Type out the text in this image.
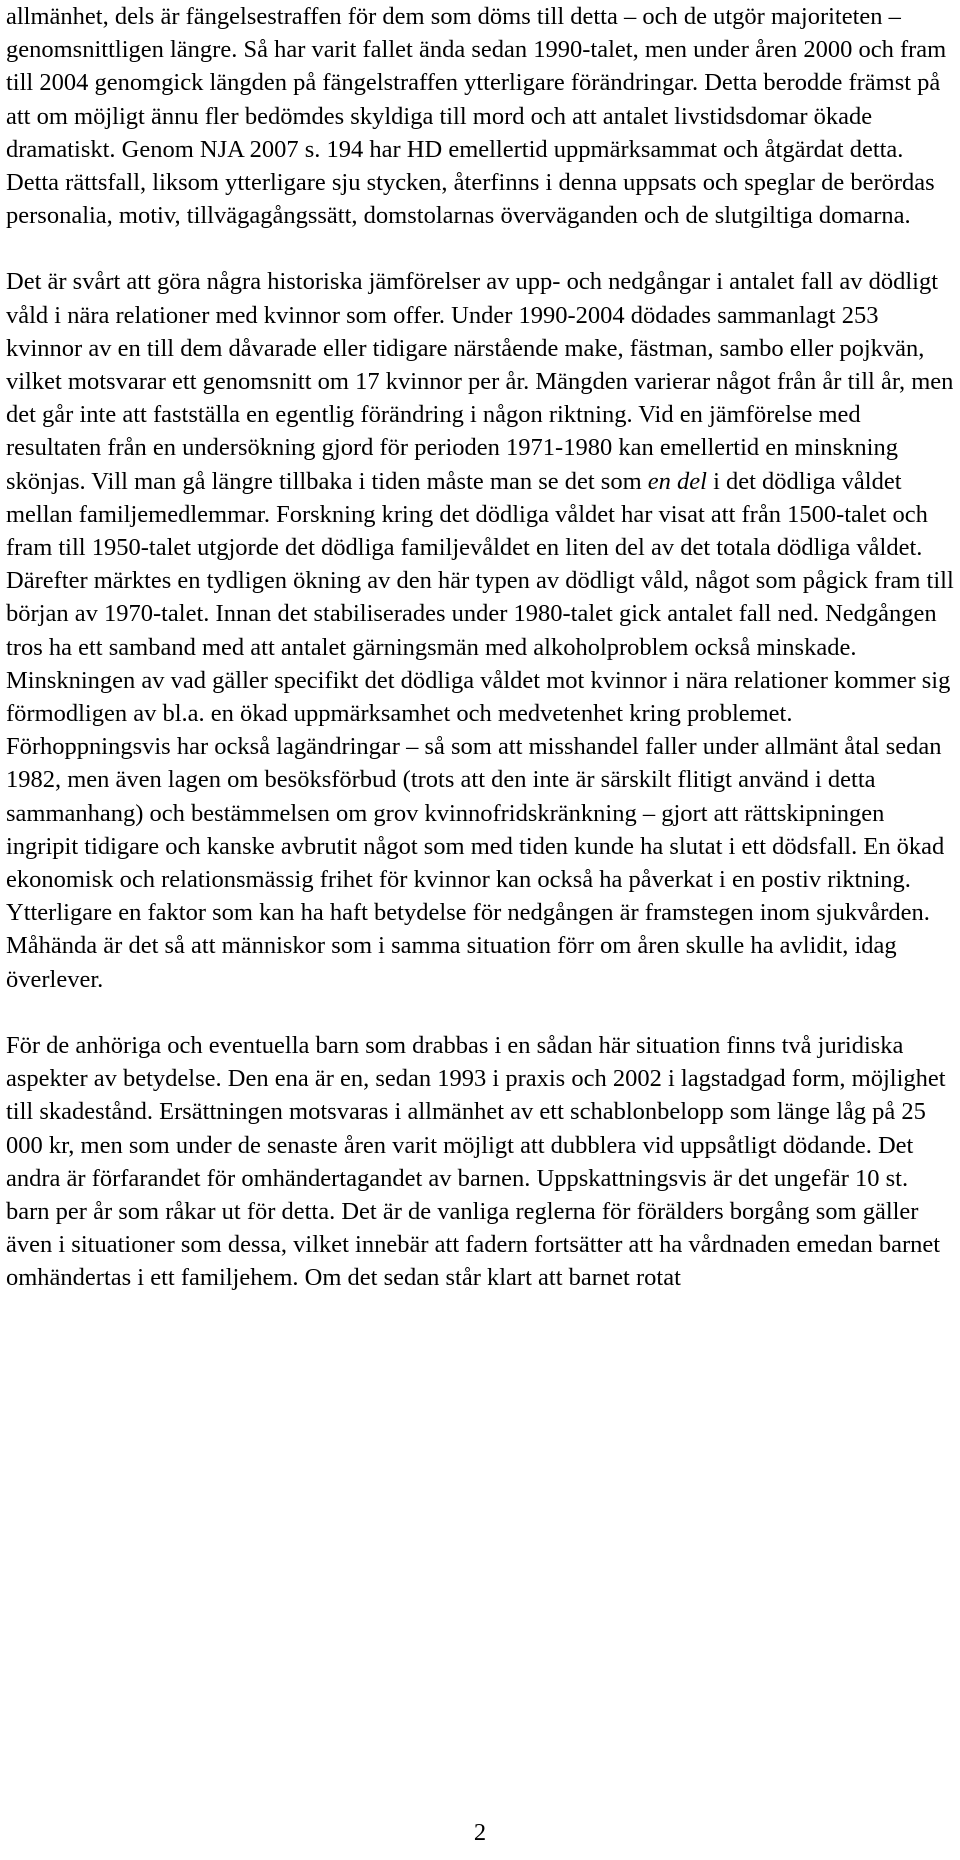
allmänhet, dels är fängelsestraffen för dem som döms till detta – och de utgör majoriteten – genomsnittligen längre. Så har varit fallet ända sedan 1990-talet, men under åren 2000 och fram till 2004 genomgick längden på fängelstraffen ytterligare förändringar. Detta berodde främst på att om möjligt ännu fler bedömdes skyldiga till mord och att antalet livstidsdomar ökade dramatiskt. Genom NJA 2007 s. 194 har HD emellertid uppmärksammat och åtgärdat detta. Detta rättsfall, liksom ytterligare sju stycken, återfinns i denna uppsats och speglar de berördas personalia, motiv, tillvägagångssätt, domstolarnas överväganden och de slutgiltiga domarna.

Det är svårt att göra några historiska jämförelser av upp- och nedgångar i antalet fall av dödligt våld i nära relationer med kvinnor som offer. Under 1990-2004 dödades sammanlagt 253 kvinnor av en till dem dåvarade eller tidigare närstående make, fästman, sambo eller pojkvän, vilket motsvarar ett genomsnitt om 17 kvinnor per år. Mängden varierar något från år till år, men det går inte att fastställa en egentlig förändring i någon riktning. Vid en jämförelse med resultaten från en undersökning gjord för perioden 1971-1980 kan emellertid en minskning skönjas. Vill man gå längre tillbaka i tiden måste man se det som en del i det dödliga våldet mellan familjemedlemmar. Forskning kring det dödliga våldet har visat att från 1500-talet och fram till 1950-talet utgjorde det dödliga familjevåldet en liten del av det totala dödliga våldet. Därefter märktes en tydligen ökning av den här typen av dödligt våld, något som pågick fram till början av 1970-talet. Innan det stabiliserades under 1980-talet gick antalet fall ned. Nedgången tros ha ett samband med att antalet gärningsmän med alkoholproblem också minskade. Minskningen av vad gäller specifikt det dödliga våldet mot kvinnor i nära relationer kommer sig förmodligen av bl.a. en ökad uppmärksamhet och medvetenhet kring problemet. Förhoppningsvis har också lagändringar – så som att misshandel faller under allmänt åtal sedan 1982, men även lagen om besöksförbud (trots att den inte är särskilt flitigt använd i detta sammanhang) och bestämmelsen om grov kvinnofridskränkning – gjort att rättskipningen ingripit tidigare och kanske avbrutit något som med tiden kunde ha slutat i ett dödsfall. En ökad ekonomisk och relationsmässig frihet för kvinnor kan också ha påverkat i en postiv riktning. Ytterligare en faktor som kan ha haft betydelse för nedgången är framstegen inom sjukvården. Måhända är det så att människor som i samma situation förr om åren skulle ha avlidit, idag överlever.

För de anhöriga och eventuella barn som drabbas i en sådan här situation finns två juridiska aspekter av betydelse. Den ena är en, sedan 1993 i praxis och 2002 i lagstadgad form, möjlighet till skadestånd. Ersättningen motsvaras i allmänhet av ett schablonbelopp som länge låg på 25 000 kr, men som under de senaste åren varit möjligt att dubblera vid uppsåtligt dödande. Det andra är förfarandet för omhändertagandet av barnen. Uppskattningsvis är det ungefär 10 st. barn per år som råkar ut för detta. Det är de vanliga reglerna för förälders borgång som gäller även i situationer som dessa, vilket innebär att fadern fortsätter att ha vårdnaden emedan barnet omhändertas i ett familjehem. Om det sedan står klart att barnet rotat

2
